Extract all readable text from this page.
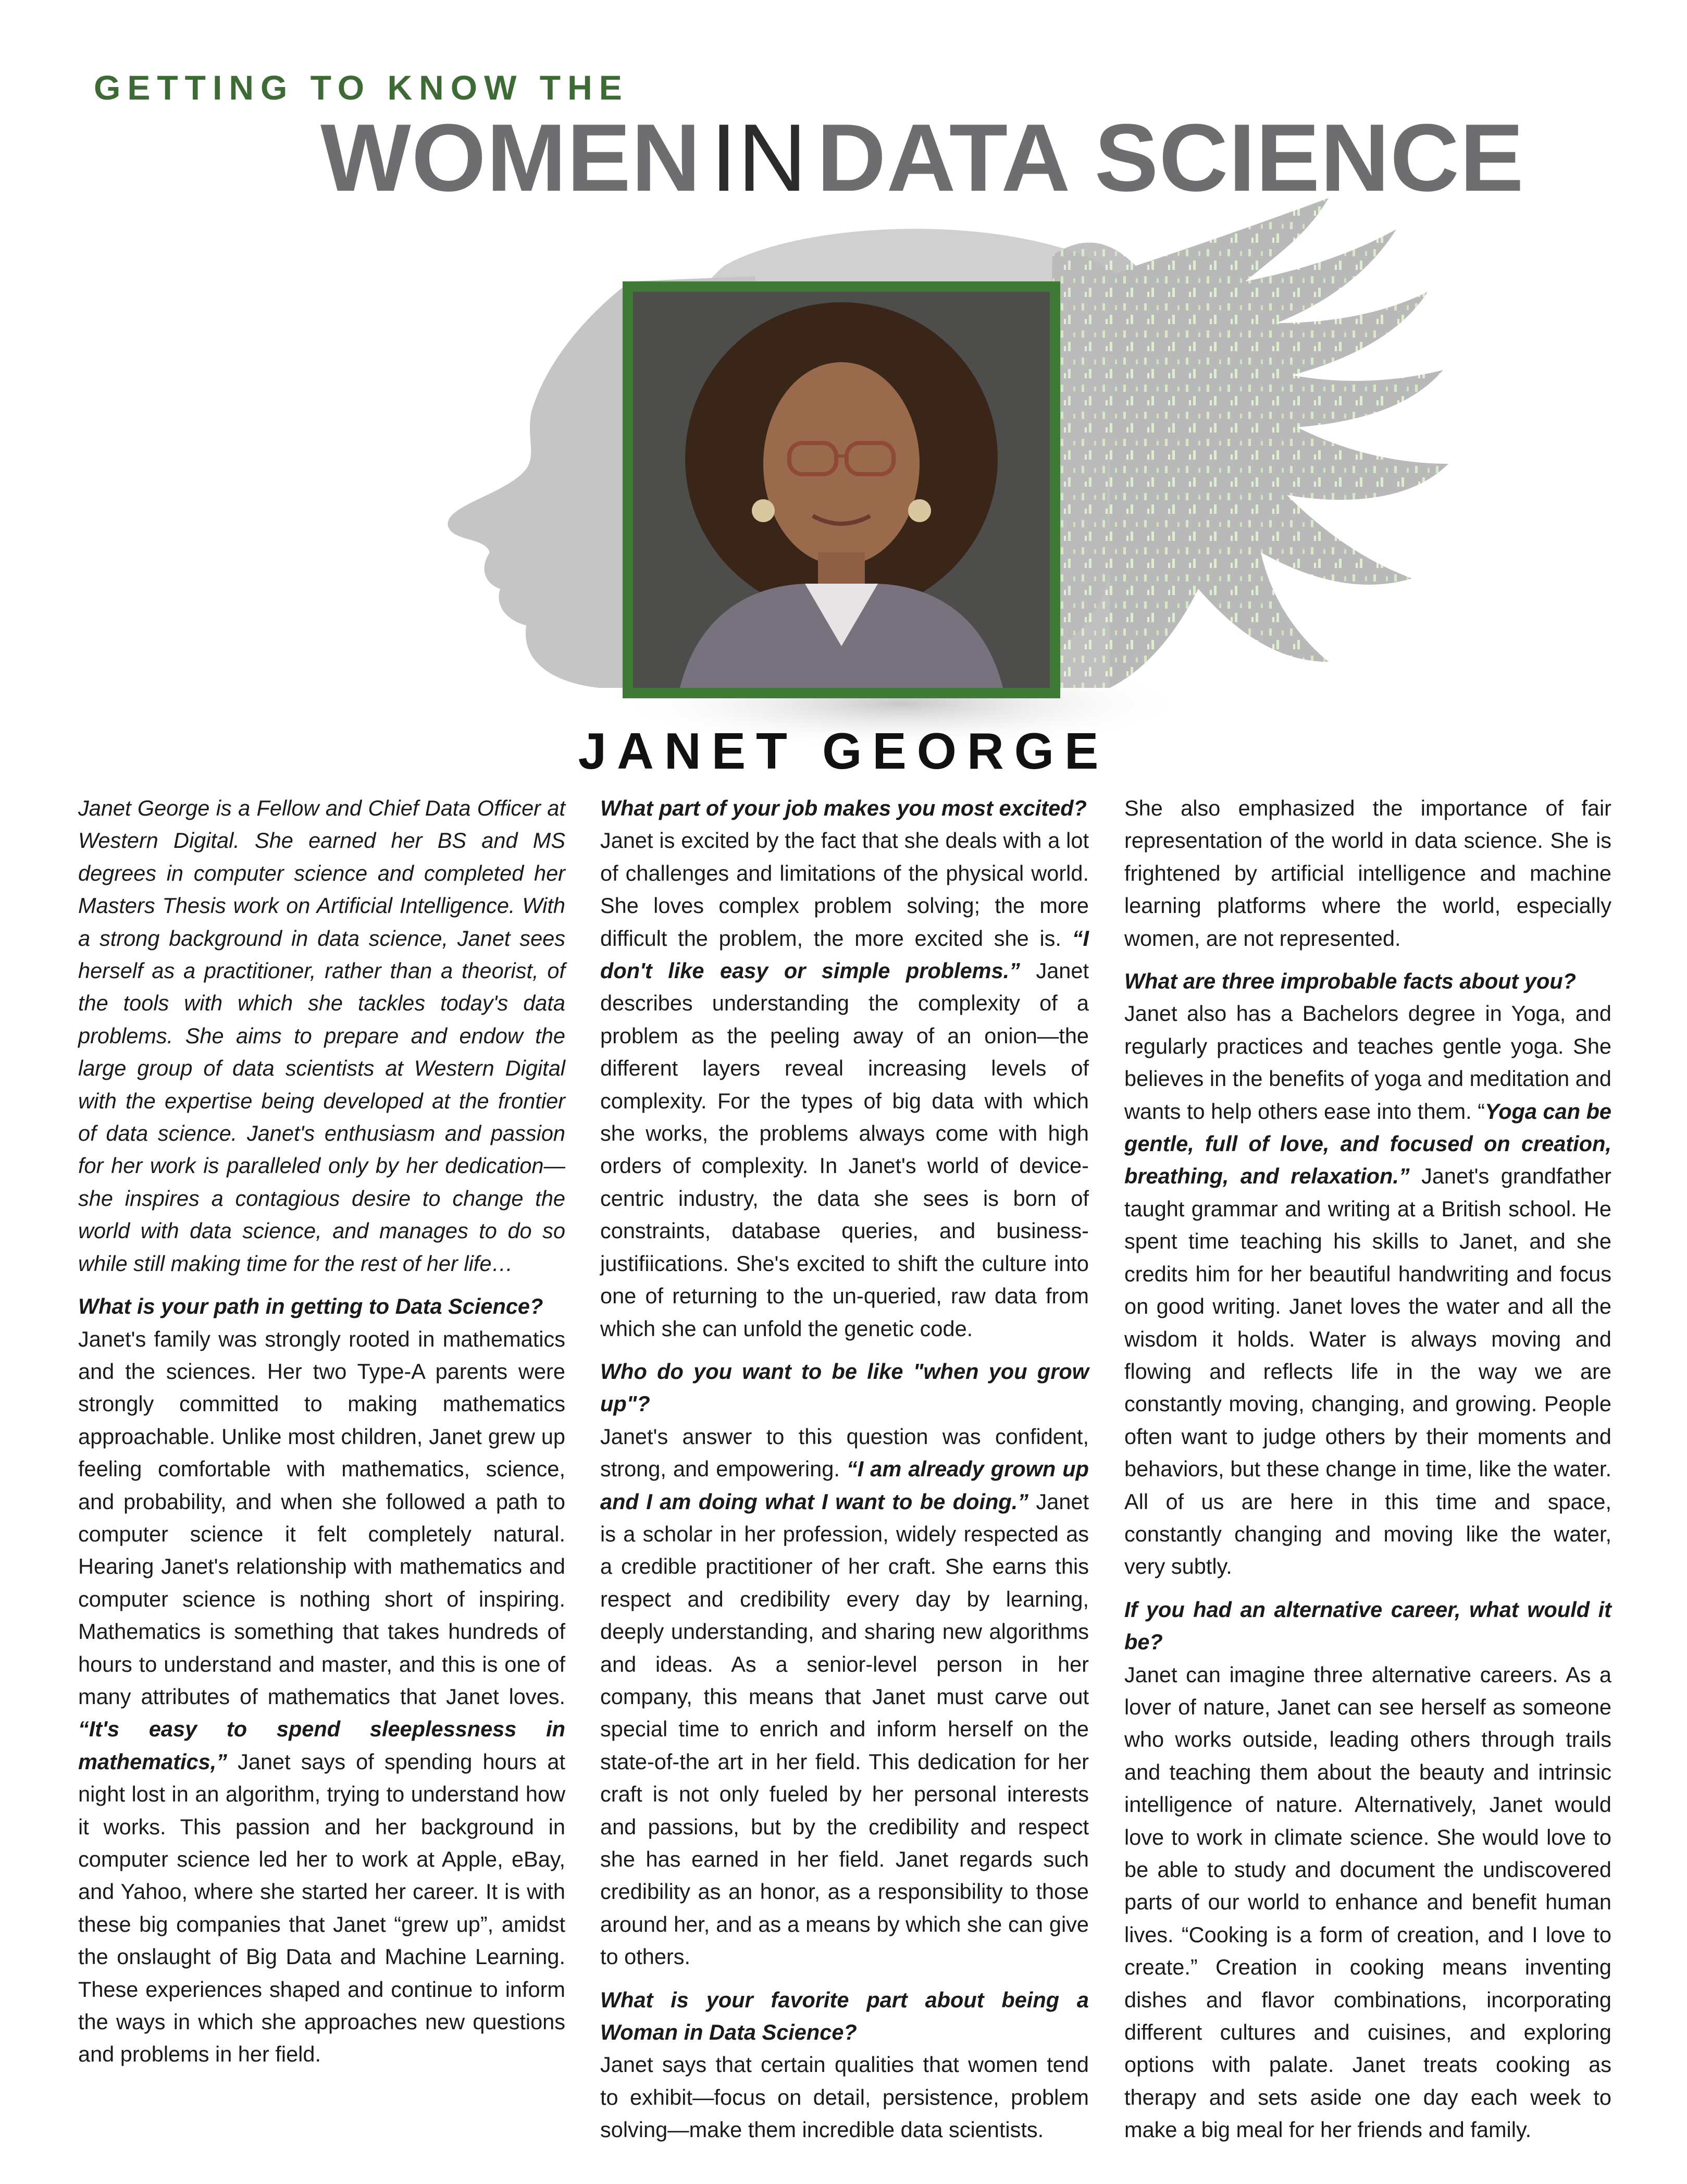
GETTING TO KNOW THE
WOMENINDATA SCIENCE
JANET GEORGE

Janet George is a Fellow and Chief Data Officer at Western Digital. She earned her BS and MS degrees in computer science and completed her Masters Thesis work on Artificial Intelligence. With a strong background in data science, Janet sees herself as a practitioner, rather than a theorist, of the tools with which she tackles today's data problems. She aims to prepare and endow the large group of data scientists at Western Digital with the expertise being developed at the frontier of data science. Janet's enthusiasm and passion for her work is paralleled only by her dedication—she inspires a contagious desire to change the world with data science, and manages to do so while still making time for the rest of her life…

What is your path in getting to Data Science?

Janet's family was strongly rooted in mathematics and the sciences. Her two Type-A parents were strongly committed to making mathematics approachable. Unlike most children, Janet grew up feeling comfortable with mathematics, science, and probability, and when she followed a path to computer science it felt completely natural. Hearing Janet's relationship with mathematics and computer science is nothing short of inspiring. Mathematics is something that takes hundreds of hours to understand and master, and this is one of many attributes of mathematics that Janet loves. “It's easy to spend sleeplessness in mathematics,” Janet says of spending hours at night lost in an algorithm, trying to understand how it works. This passion and her background in computer science led her to work at Apple, eBay, and Yahoo, where she started her career. It is with these big companies that Janet “grew up”, amidst the onslaught of Big Data and Machine Learning. These experiences shaped and continue to inform the ways in which she approaches new questions and problems in her field.

What part of your job makes you most excited?

Janet is excited by the fact that she deals with a lot of challenges and limitations of the physical world. She loves complex problem solving; the more difficult the problem, the more excited she is. “I don't like easy or simple problems.” Janet describes understanding the complexity of a problem as the peeling away of an onion—the different layers reveal increasing levels of complexity. For the types of big data with which she works, the problems always come with high orders of complexity. In Janet's world of device-centric industry, the data she sees is born of constraints, database queries, and business-justifiications. She's excited to shift the culture into one of returning to the un-queried, raw data from which she can unfold the genetic code.

Who do you want to be like "when you grow up"?

Janet's answer to this question was confident, strong, and empowering. “I am already grown up and I am doing what I want to be doing.” Janet is a scholar in her profession, widely respected as a credible practitioner of her craft. She earns this respect and credibility every day by learning, deeply understanding, and sharing new algorithms and ideas. As a senior-level person in her company, this means that Janet must carve out special time to enrich and inform herself on the state-of-the art in her field. This dedication for her craft is not only fueled by her personal interests and passions, but by the credibility and respect she has earned in her field. Janet regards such credibility as an honor, as a responsibility to those around her, and as a means by which she can give to others.

What is your favorite part about being a Woman in Data Science?

Janet says that certain qualities that women tend to exhibit—focus on detail, persistence, problem solving—make them incredible data scientists.

She also emphasized the importance of fair representation of the world in data science. She is frightened by artificial intelligence and machine learning platforms where the world, especially women, are not represented.

What are three improbable facts about you?

Janet also has a Bachelors degree in Yoga, and regularly practices and teaches gentle yoga. She believes in the benefits of yoga and meditation and wants to help others ease into them. “Yoga can be gentle, full of love, and focused on creation, breathing, and relaxation.” Janet's grandfather taught grammar and writing at a British school. He spent time teaching his skills to Janet, and she credits him for her beautiful handwriting and focus on good writing. Janet loves the water and all the wisdom it holds. Water is always moving and flowing and reflects life in the way we are constantly moving, changing, and growing. People often want to judge others by their moments and behaviors, but these change in time, like the water. All of us are here in this time and space, constantly changing and moving like the water, very subtly.

If you had an alternative career, what would it be?

Janet can imagine three alternative careers. As a lover of nature, Janet can see herself as someone who works outside, leading others through trails and teaching them about the beauty and intrinsic intelligence of nature. Alternatively, Janet would love to work in climate science. She would love to be able to study and document the undiscovered parts of our world to enhance and benefit human lives. “Cooking is a form of creation, and I love to create.” Creation in cooking means inventing dishes and flavor combinations, incorporating different cultures and cuisines, and exploring options with palate. Janet treats cooking as therapy and sets aside one day each week to make a big meal for her friends and family.
